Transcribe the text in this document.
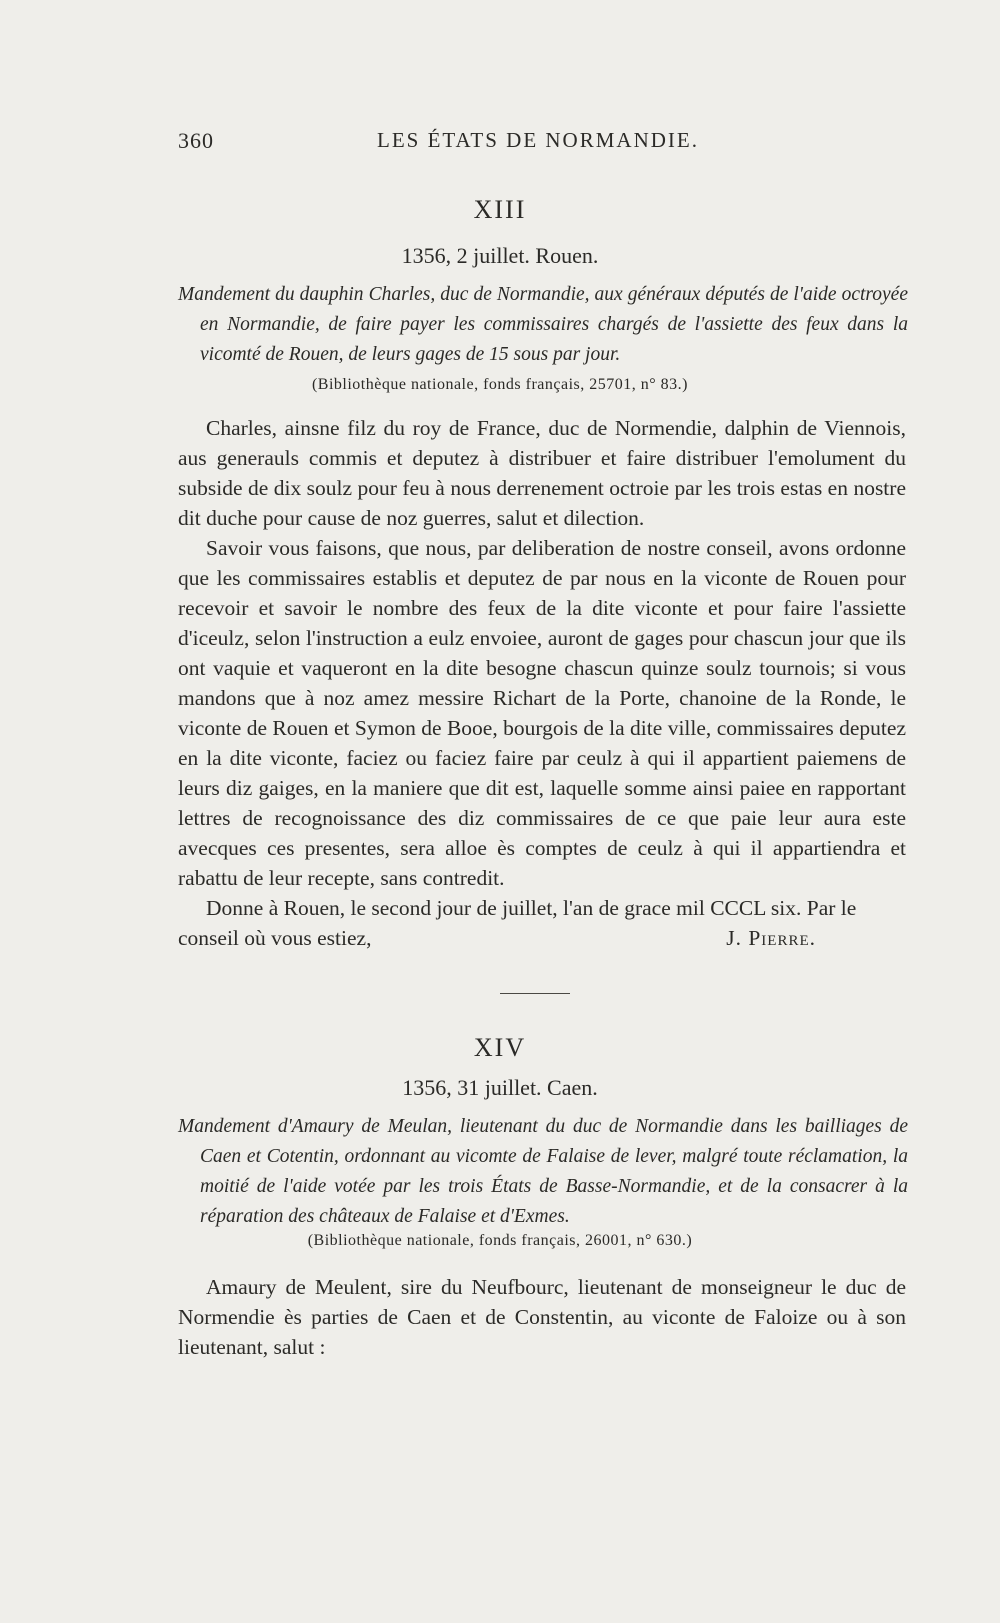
360	LES ÉTATS DE NORMANDIE.
XIII
1356, 2 juillet. Rouen.

Mandement du dauphin Charles, duc de Normandie, aux généraux députés de l'aide octroyée en Normandie, de faire payer les commissaires chargés de l'assiette des feux dans la vicomté de Rouen, de leurs gages de 15 sous par jour.

(Bibliothèque nationale, fonds français, 25701, n° 83.)

Charles, ainsne filz du roy de France, duc de Normendie, dalphin de Viennois, aus generauls commis et deputez à distribuer et faire distribuer l'emolument du subside de dix soulz pour feu à nous derrenement octroie par les trois estas en nostre dit duche pour cause de noz guerres, salut et dilection.

Savoir vous faisons, que nous, par deliberation de nostre conseil, avons ordonne que les commissaires establis et deputez de par nous en la viconte de Rouen pour recevoir et savoir le nombre des feux de la dite viconte et pour faire l'assiette d'iceulz, selon l'instruction a eulz envoiee, auront de gages pour chascun jour que ils ont vaquie et vaqueront en la dite besogne chascun quinze soulz tournois; si vous mandons que à noz amez messire Richart de la Porte, chanoine de la Ronde, le viconte de Rouen et Symon de Booe, bourgois de la dite ville, commissaires deputez en la dite viconte, faciez ou faciez faire par ceulz à qui il appartient paiemens de leurs diz gaiges, en la maniere que dit est, laquelle somme ainsi paiee en rapportant lettres de recognoissance des diz commissaires de ce que paie leur aura este avecques ces presentes, sera alloe ès comptes de ceulz à qui il appartiendra et rabattu de leur recepte, sans contredit.

Donne à Rouen, le second jour de juillet, l'an de grace mil CCCL six. Par le

conseil où vous estiez,	J. Pierre.
XIV
1356, 31 juillet. Caen.

Mandement d'Amaury de Meulan, lieutenant du duc de Normandie dans les bailliages de Caen et Cotentin, ordonnant au vicomte de Falaise de lever, malgré toute réclamation, la moitié de l'aide votée par les trois États de Basse-Normandie, et de la consacrer à la réparation des châteaux de Falaise et d'Exmes.

(Bibliothèque nationale, fonds français, 26001, n° 630.)

Amaury de Meulent, sire du Neufbourc, lieutenant de monseigneur le duc de Normendie ès parties de Caen et de Constentin, au viconte de Faloize ou à son lieutenant, salut :
